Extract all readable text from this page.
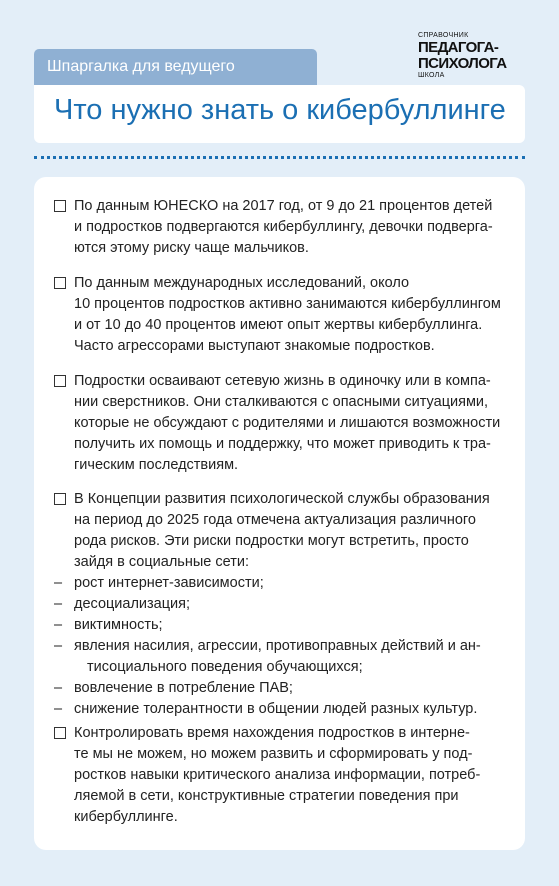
Шпаргалка для ведущего
Что нужно знать о кибербуллинге
СПРАВОЧНИК
ПЕДАГОГА-
ПСИХОЛОГА
ШКОЛА
По данным ЮНЕСКО на 2017 год, от 9 до 21 процентов детей
и подростков подвергаются кибербуллингу, девочки подверга-
ются этому риску чаще мальчиков.
По данным международных исследований, около
10 процентов подростков активно занимаются кибербуллингом
и от 10 до 40 процентов имеют опыт жертвы кибербуллинга.
Часто агрессорами выступают знакомые подростков.
Подростки осваивают сетевую жизнь в одиночку или в компа-
нии сверстников. Они сталкиваются с опасными ситуациями,
которые не обсуждают с родителями и лишаются возможности
получить их помощь и поддержку, что может приводить к тра-
гическим последствиям.
В Концепции развития психологической службы образования
на период до 2025 года отмечена актуализация различного
рода рисков. Эти риски подростки могут встретить, просто
зайдя в социальные сети:
– рост интернет-зависимости;
– десоциализация;
– виктимность;
– явления насилия, агрессии, противоправных действий и ан-
тисоциального поведения обучающихся;
– вовлечение в потребление ПАВ;
– снижение толерантности в общении людей разных культур.
Контролировать время нахождения подростков в интерне-
те мы не можем, но можем развить и сформировать у под-
ростков навыки критического анализа информации, потреб-
ляемой в сети, конструктивные стратегии поведения при
кибербуллинге.
